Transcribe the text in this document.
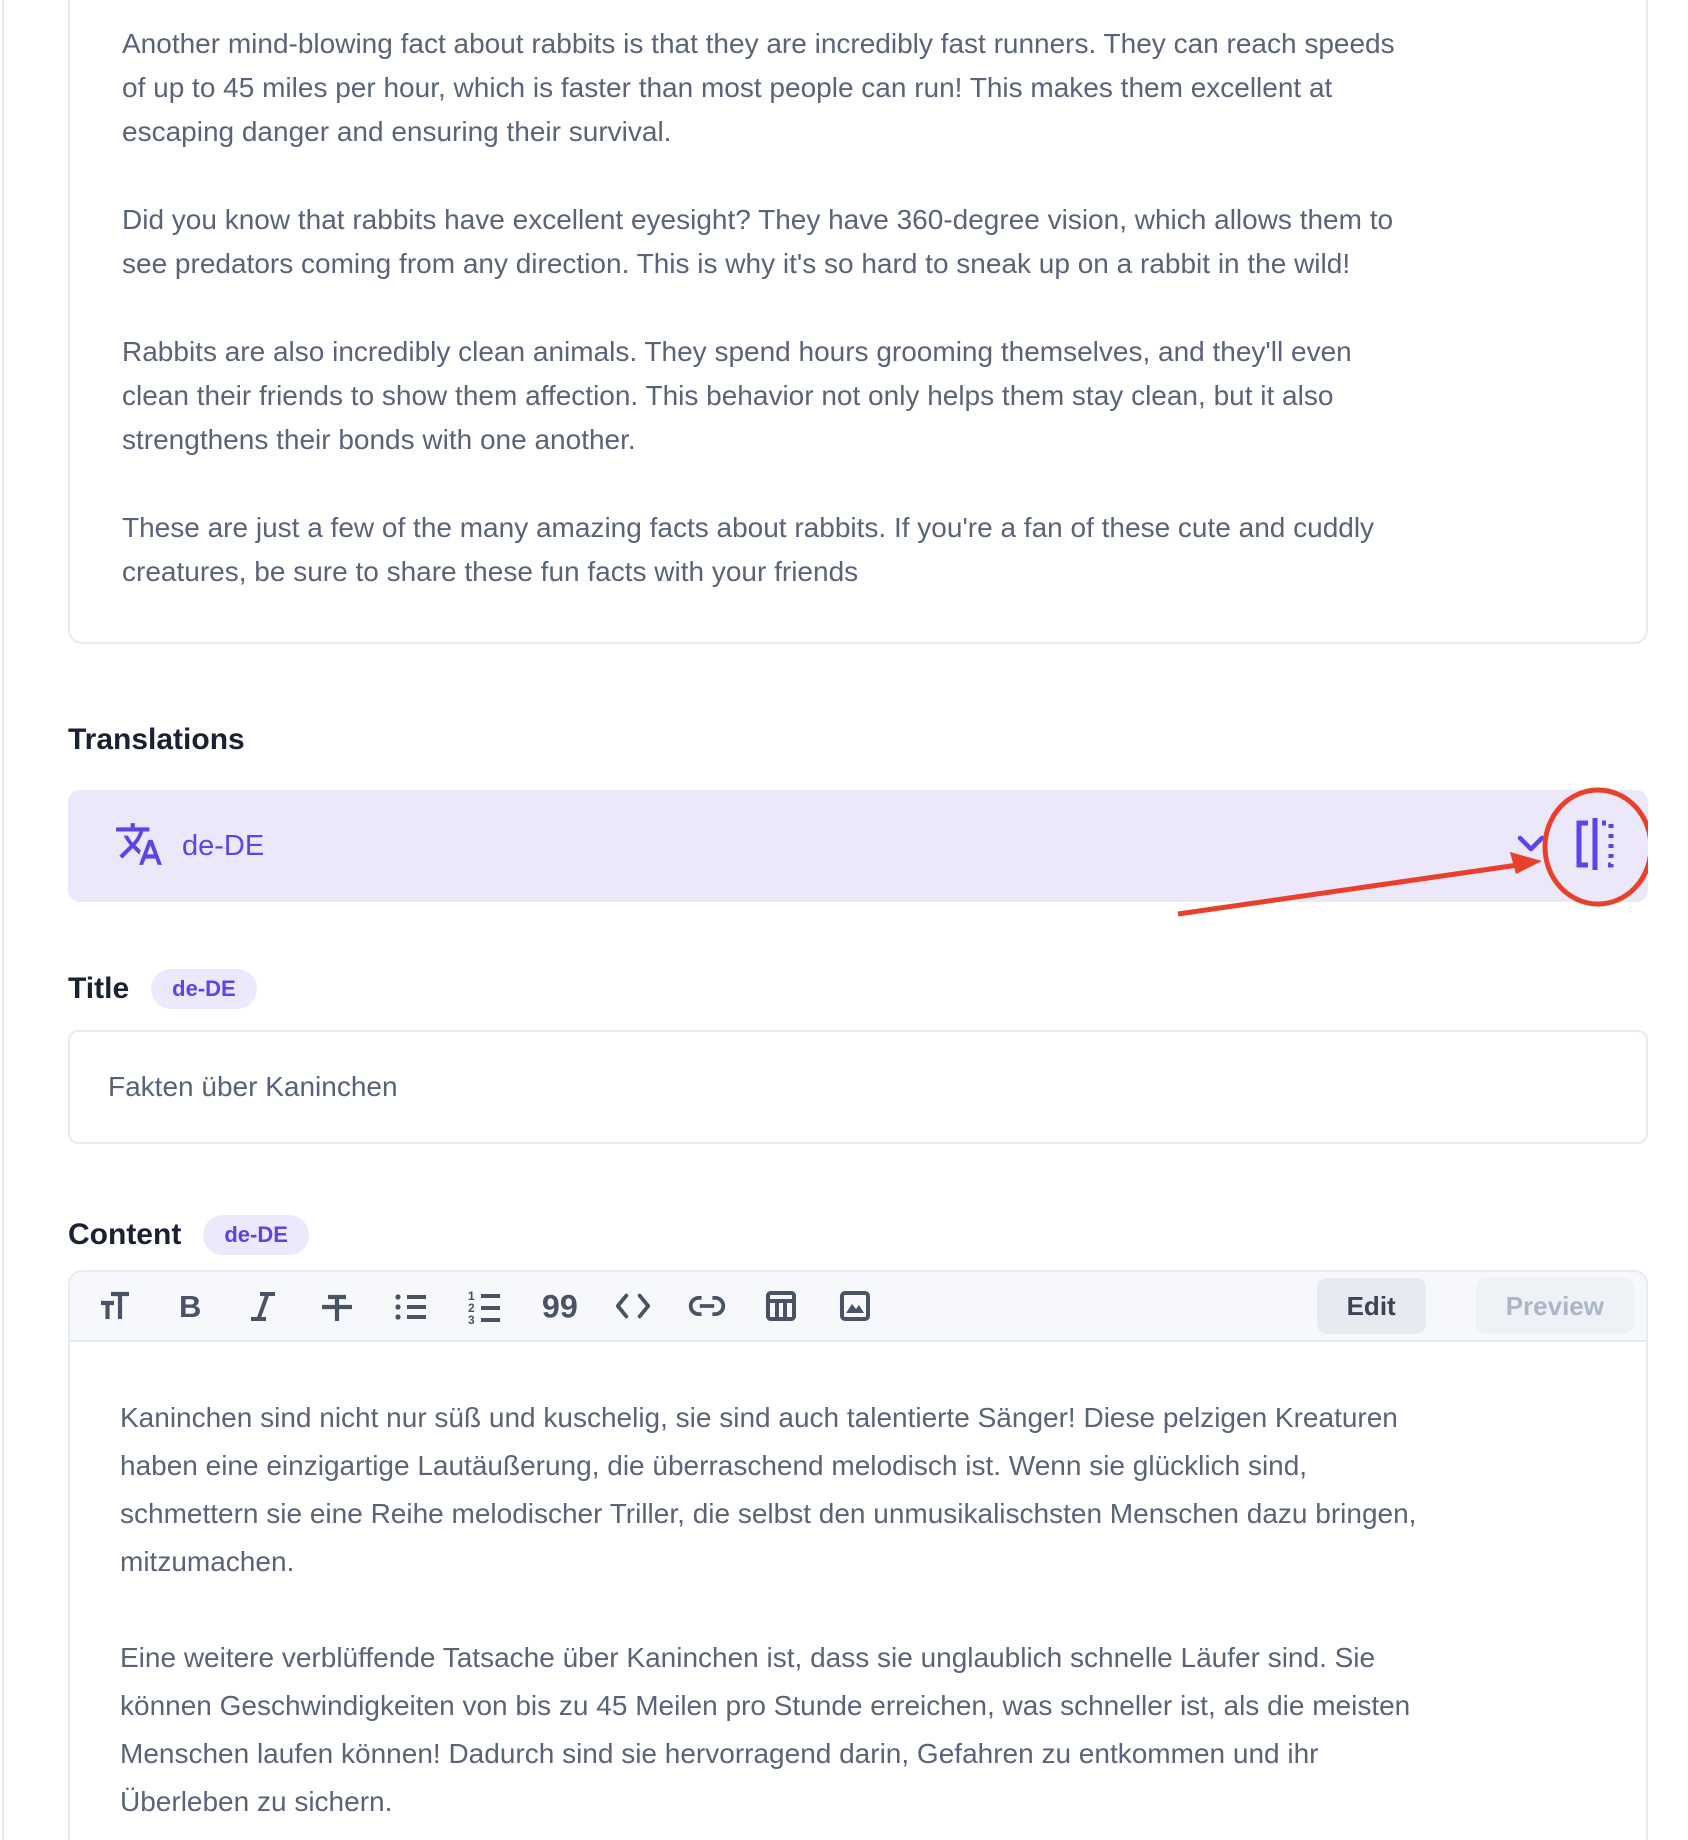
Another mind-blowing fact about rabbits is that they are incredibly fast runners. They can reach speeds of up to 45 miles per hour, which is faster than most people can run! This makes them excellent at escaping danger and ensuring their survival.

Did you know that rabbits have excellent eyesight? They have 360-degree vision, which allows them to see predators coming from any direction. This is why it's so hard to sneak up on a rabbit in the wild!

Rabbits are also incredibly clean animals. They spend hours grooming themselves, and they'll even clean their friends to show them affection. This behavior not only helps them stay clean, but it also strengthens their bonds with one another.

These are just a few of the many amazing facts about rabbits. If you're a fan of these cute and cuddly creatures, be sure to share these fun facts with your friends

Translations
de-DE
Title	de-DE
Fakten über Kaninchen
Content	de-DE
B	1
2
3 99	Edit	Preview

Kaninchen sind nicht nur süß und kuschelig, sie sind auch talentierte Sänger! Diese pelzigen Kreaturen haben eine einzigartige Lautäußerung, die überraschend melodisch ist. Wenn sie glücklich sind, schmettern sie eine Reihe melodischer Triller, die selbst den unmusikalischsten Menschen dazu bringen, mitzumachen.

Eine weitere verblüffende Tatsache über Kaninchen ist, dass sie unglaublich schnelle Läufer sind. Sie können Geschwindigkeiten von bis zu 45 Meilen pro Stunde erreichen, was schneller ist, als die meisten Menschen laufen können! Dadurch sind sie hervorragend darin, Gefahren zu entkommen und ihr Überleben zu sichern.
